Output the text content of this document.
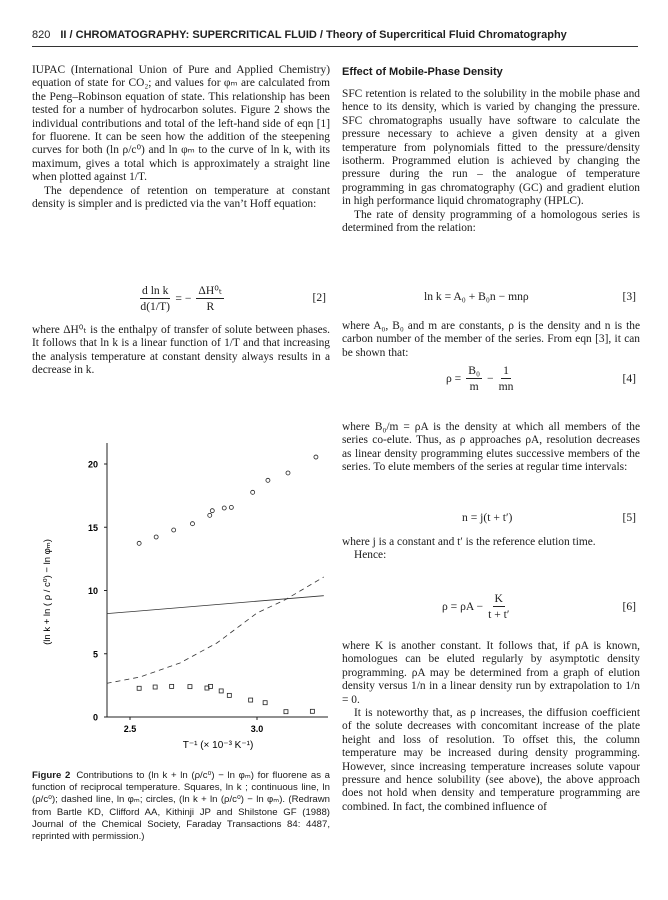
820 II / CHROMATOGRAPHY: SUPERCRITICAL FLUID / Theory of Supercritical Fluid Chromatography

IUPAC (International Union of Pure and Applied Chemistry) equation of state for CO₂; and values for φₘ are calculated from the Peng–Robinson equation of state. This relationship has been tested for a number of hydrocarbon solutes. Figure 2 shows the individual contributions and total of the left-hand side of eqn [1] for fluorene. It can be seen how the addition of the steepening curves for both (ln ρ/c⁰) and ln φₘ to the curve of ln k, with its maximum, gives a total which is approximately a straight line when plotted against 1/T.

The dependence of retention on temperature at constant density is simpler and is predicted via the van’t Hoff equation:

$\frac{\text{d ln k}}{d(1/T)}$ = − $\frac{\text{ΔH⁰ₜ}}{R}$	[2]

where ΔH⁰ₜ is the enthalpy of transfer of solute between phases. It follows that ln k is a linear function of 1/T and that increasing the analysis temperature at constant density always results in a decrease in k.

0
5
10
15
20
2.5	3.0
T⁻¹ (× 10⁻³ K⁻¹)
(ln k + ln ( ρ / c⁰) − ln φₘ)
Figure 2 Contributions to (ln k + ln (ρ/c⁰) − ln φₘ) for fluorene as a function of reciprocal temperature. Squares, ln k ; continuous line, ln (ρ/c⁰); dashed line, ln φₘ; circles, (ln k + ln (ρ/c⁰) − ln φₘ). (Redrawn from Bartle KD, Clifford AA, Kithinji JP and Shilstone GF (1988) Journal of the Chemical Society, Faraday Transactions 84: 4487, reprinted with permission.)
Effect of Mobile-Phase Density

SFC retention is related to the solubility in the mobile phase and hence to its density, which is varied by changing the pressure. SFC chromatographs usually have software to calculate the pressure necessary to achieve a given density at a given temperature from polynomials fitted to the pressure/density isotherm. Programmed elution is achieved by changing the pressure during the run – the analogue of temperature programming in gas chromatography (GC) and gradient elution in high performance liquid chromatography (HPLC).

The rate of density programming of a homologous series is determined from the relation:

ln k = A₀ + B₀n − mnρ	[3]

where A₀, B₀ and m are constants, ρ is the density and n is the carbon number of the member of the series. From eqn [3], it can be shown that:

$\rho = \frac{\text{B₀}}{m} - \frac{1}{mn}$	[4]

where B₀/m = ρA is the density at which all members of the series co-elute. Thus, as ρ approaches ρA, resolution decreases as linear density programming elutes successive members of the series. To elute members of the series at regular time intervals:

n = j(t + t′)	[5]

where j is a constant and t′ is the reference elution time.

Hence:

$\rho = \rho A - \frac{K}{t + t'}$	[6]

where K is another constant. It follows that, if ρA is known, homologues can be eluted regularly by asymptotic density programming. ρA may be determined from a graph of elution density versus 1/n in a linear density run by extrapolation to 1/n = 0.

It is noteworthy that, as ρ increases, the diffusion coefficient of the solute decreases with concomitant increase of the plate height and loss of resolution. To offset this, the column temperature may be increased during density programming. However, since increasing temperature increases solute vapour pressure and hence solubility (see above), the above approach does not hold when density and temperature programming are combined. In fact, the combined influence of
